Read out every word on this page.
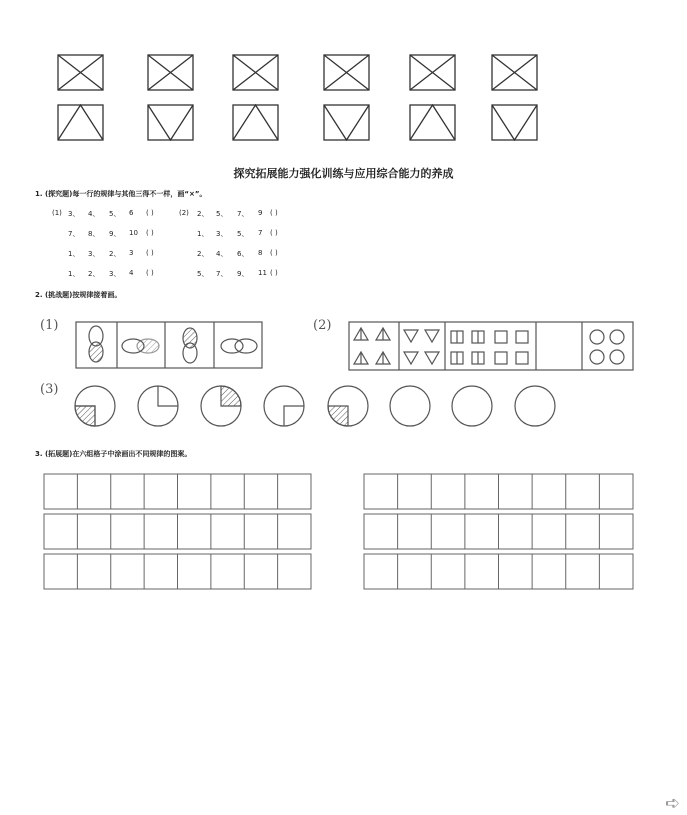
探究拓展能力强化训练与应用综合能力的养成
1. (探究题)每一行的规律与其他三得不一样，画“×”。
(1)	(2)
3、 4、 5、 6 ( )
7、 8、 9、 10 ( )
1、 3、 2、 3 ( )
1、 2、 3、 4 ( )
2、 5、 7、 9 ( )
1、 3、 5、 7 ( )
2、 4、 6、 8 ( )
5、 7、 9、 11 ( )
2. (挑战题)按规律接着画。
(1)	(2)
(3)
3. (拓展题)在六组格子中涂画出不同规律的图案。
➪
